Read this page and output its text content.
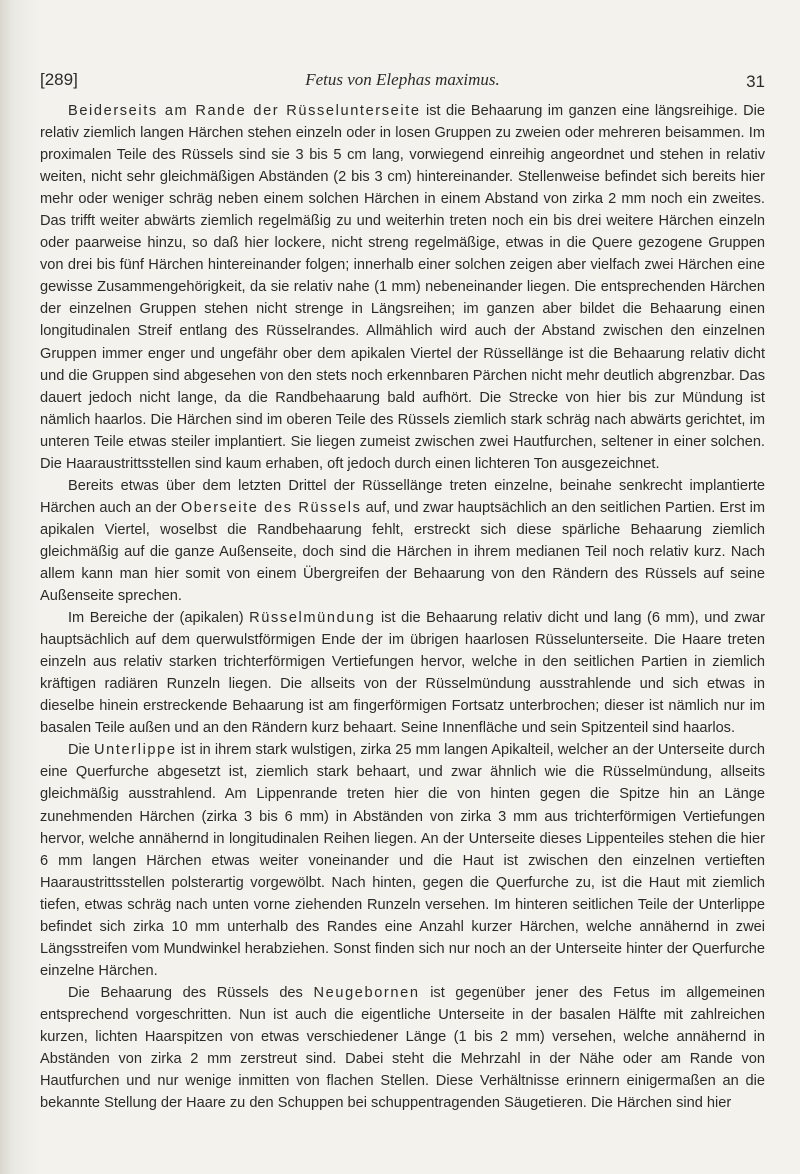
[289]	Fetus von Elephas maximus.	31

Beiderseits am Rande der Rüsselunterseite ist die Behaarung im ganzen eine längsreihige. Die relativ ziemlich langen Härchen stehen einzeln oder in losen Gruppen zu zweien oder mehreren beisammen. Im proximalen Teile des Rüssels sind sie 3 bis 5 cm lang, vorwiegend einreihig angeordnet und stehen in relativ weiten, nicht sehr gleichmäßigen Abständen (2 bis 3 cm) hintereinander. Stellenweise befindet sich bereits hier mehr oder weniger schräg neben einem solchen Härchen in einem Abstand von zirka 2 mm noch ein zweites. Das trifft weiter abwärts ziemlich regelmäßig zu und weiterhin treten noch ein bis drei weitere Härchen einzeln oder paarweise hinzu, so daß hier lockere, nicht streng regelmäßige, etwas in die Quere gezogene Gruppen von drei bis fünf Härchen hintereinander folgen; innerhalb einer solchen zeigen aber vielfach zwei Härchen eine gewisse Zusammengehörigkeit, da sie relativ nahe (1 mm) nebeneinander liegen. Die entsprechenden Härchen der einzelnen Gruppen stehen nicht strenge in Längsreihen; im ganzen aber bildet die Behaarung einen longitudinalen Streif entlang des Rüsselrandes. Allmählich wird auch der Abstand zwischen den einzelnen Gruppen immer enger und ungefähr ober dem apikalen Viertel der Rüssellänge ist die Behaarung relativ dicht und die Gruppen sind abgesehen von den stets noch erkennbaren Pärchen nicht mehr deutlich abgrenzbar. Das dauert jedoch nicht lange, da die Randbehaarung bald aufhört. Die Strecke von hier bis zur Mündung ist nämlich haarlos. Die Härchen sind im oberen Teile des Rüssels ziemlich stark schräg nach abwärts gerichtet, im unteren Teile etwas steiler implantiert. Sie liegen zumeist zwischen zwei Hautfurchen, seltener in einer solchen. Die Haaraustrittsstellen sind kaum erhaben, oft jedoch durch einen lichteren Ton ausgezeichnet.

Bereits etwas über dem letzten Drittel der Rüssellänge treten einzelne, beinahe senkrecht implantierte Härchen auch an der Oberseite des Rüssels auf, und zwar hauptsächlich an den seitlichen Partien. Erst im apikalen Viertel, woselbst die Randbehaarung fehlt, erstreckt sich diese spärliche Behaarung ziemlich gleichmäßig auf die ganze Außenseite, doch sind die Härchen in ihrem medianen Teil noch relativ kurz. Nach allem kann man hier somit von einem Übergreifen der Behaarung von den Rändern des Rüssels auf seine Außenseite sprechen.

Im Bereiche der (apikalen) Rüsselmündung ist die Behaarung relativ dicht und lang (6 mm), und zwar hauptsächlich auf dem querwulstförmigen Ende der im übrigen haarlosen Rüsselunterseite. Die Haare treten einzeln aus relativ starken trichterförmigen Vertiefungen hervor, welche in den seitlichen Partien in ziemlich kräftigen radiären Runzeln liegen. Die allseits von der Rüsselmündung ausstrahlende und sich etwas in dieselbe hinein erstreckende Behaarung ist am fingerförmigen Fortsatz unterbrochen; dieser ist nämlich nur im basalen Teile außen und an den Rändern kurz behaart. Seine Innenfläche und sein Spitzenteil sind haarlos.

Die Unterlippe ist in ihrem stark wulstigen, zirka 25 mm langen Apikalteil, welcher an der Unterseite durch eine Querfurche abgesetzt ist, ziemlich stark behaart, und zwar ähnlich wie die Rüsselmündung, allseits gleichmäßig ausstrahlend. Am Lippenrande treten hier die von hinten gegen die Spitze hin an Länge zunehmenden Härchen (zirka 3 bis 6 mm) in Abständen von zirka 3 mm aus trichterförmigen Vertiefungen hervor, welche annähernd in longitudinalen Reihen liegen. An der Unterseite dieses Lippenteiles stehen die hier 6 mm langen Härchen etwas weiter voneinander und die Haut ist zwischen den einzelnen vertieften Haaraustrittsstellen polsterartig vorgewölbt. Nach hinten, gegen die Querfurche zu, ist die Haut mit ziemlich tiefen, etwas schräg nach unten vorne ziehenden Runzeln versehen. Im hinteren seitlichen Teile der Unterlippe befindet sich zirka 10 mm unterhalb des Randes eine Anzahl kurzer Härchen, welche annähernd in zwei Längsstreifen vom Mundwinkel herabziehen. Sonst finden sich nur noch an der Unterseite hinter der Querfurche einzelne Härchen.

Die Behaarung des Rüssels des Neugebornen ist gegenüber jener des Fetus im allgemeinen entsprechend vorgeschritten. Nun ist auch die eigentliche Unterseite in der basalen Hälfte mit zahlreichen kurzen, lichten Haarspitzen von etwas verschiedener Länge (1 bis 2 mm) versehen, welche annähernd in Abständen von zirka 2 mm zerstreut sind. Dabei steht die Mehrzahl in der Nähe oder am Rande von Hautfurchen und nur wenige inmitten von flachen Stellen. Diese Verhältnisse erinnern einigermaßen an die bekannte Stellung der Haare zu den Schuppen bei schuppentragenden Säugetieren. Die Härchen sind hier
